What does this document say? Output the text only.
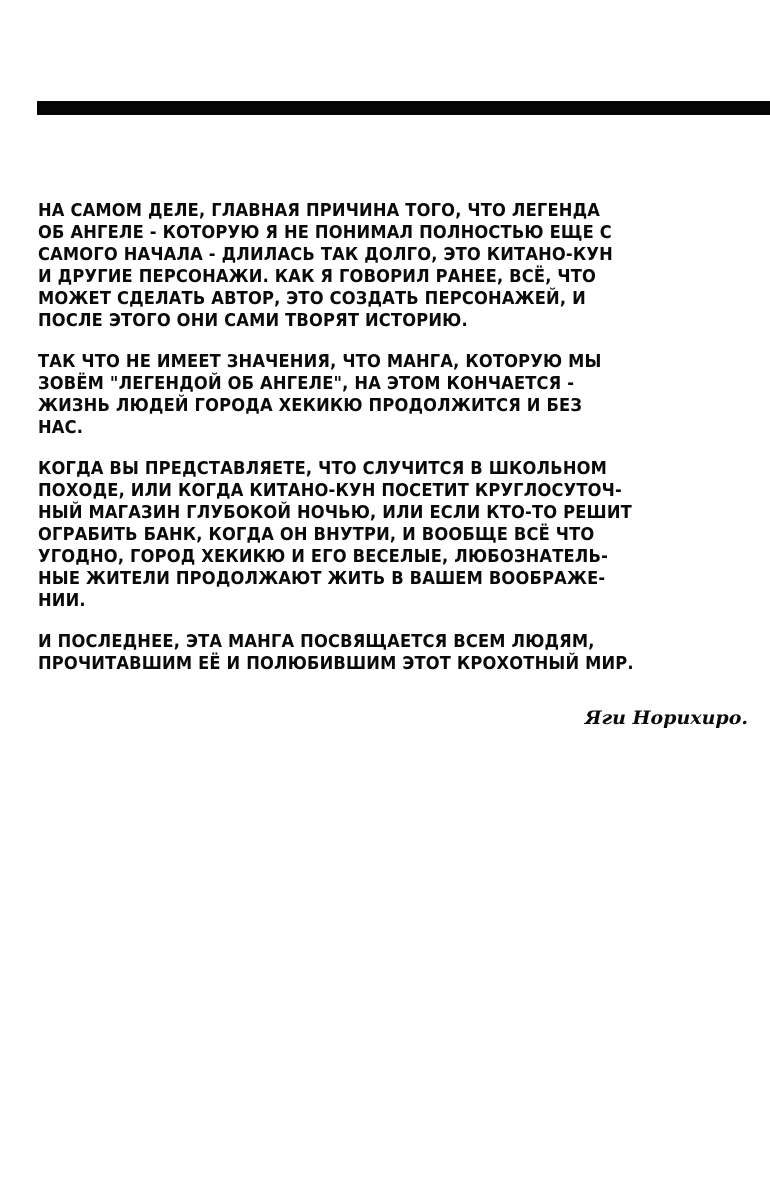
НА САМОМ ДЕЛЕ, ГЛАВНАЯ ПРИЧИНА ТОГО, ЧТО ЛЕГЕНДА
ОБ АНГЕЛЕ - КОТОРУЮ Я НЕ ПОНИМАЛ ПОЛНОСТЬЮ ЕЩЕ С
САМОГО НАЧАЛА - ДЛИЛАСЬ ТАК ДОЛГО, ЭТО КИТАНО-КУН
И ДРУГИЕ ПЕРСОНАЖИ. КАК Я ГОВОРИЛ РАНЕЕ, ВСЁ, ЧТО
МОЖЕТ СДЕЛАТЬ АВТОР, ЭТО СОЗДАТЬ ПЕРСОНАЖЕЙ, И
ПОСЛЕ ЭТОГО ОНИ САМИ ТВОРЯТ ИСТОРИЮ.
ТАК ЧТО НЕ ИМЕЕТ ЗНАЧЕНИЯ, ЧТО МАНГА, КОТОРУЮ МЫ
ЗОВЁМ "ЛЕГЕНДОЙ ОБ АНГЕЛЕ", НА ЭТОМ КОНЧАЕТСЯ -
ЖИЗНЬ ЛЮДЕЙ ГОРОДА ХЕКИКЮ ПРОДОЛЖИТСЯ И БЕЗ
НАС.
КОГДА ВЫ ПРЕДСТАВЛЯЕТЕ, ЧТО СЛУЧИТСЯ В ШКОЛЬНОМ
ПОХОДЕ, ИЛИ КОГДА КИТАНО-КУН ПОСЕТИТ КРУГЛОСУТОЧ-
НЫЙ МАГАЗИН ГЛУБОКОЙ НОЧЬЮ, ИЛИ ЕСЛИ КТО-ТО РЕШИТ
ОГРАБИТЬ БАНК, КОГДА ОН ВНУТРИ, И ВООБЩЕ ВСЁ ЧТО
УГОДНО, ГОРОД ХЕКИКЮ И ЕГО ВЕСЕЛЫЕ, ЛЮБОЗНАТЕЛЬ-
НЫЕ ЖИТЕЛИ ПРОДОЛЖАЮТ ЖИТЬ В ВАШЕМ ВООБРАЖЕ-
НИИ.
И ПОСЛЕДНЕЕ, ЭТА МАНГА ПОСВЯЩАЕТСЯ ВСЕМ ЛЮДЯМ,
ПРОЧИТАВШИМ ЕЁ И ПОЛЮБИВШИМ ЭТОТ КРОХОТНЫЙ МИР.
Яги Норихиро.
